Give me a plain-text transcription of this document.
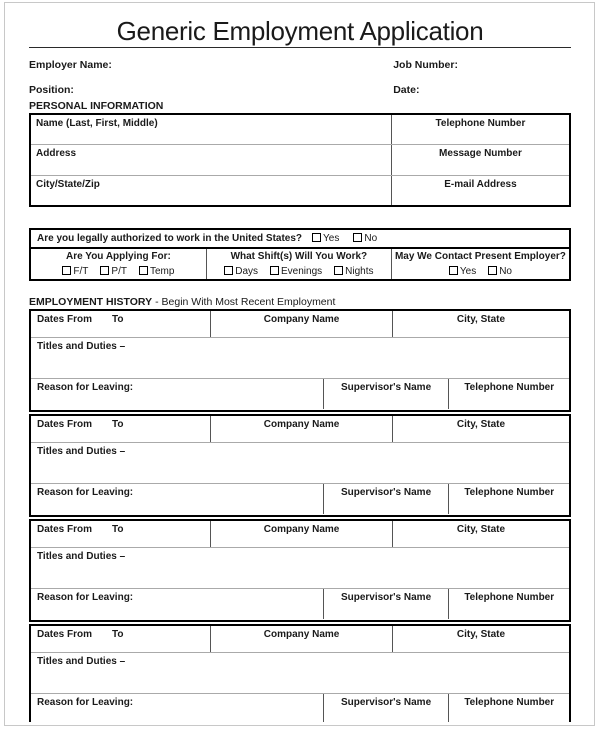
Generic Employment Application
Employer Name:	Job Number:
Position:	Date:
PERSONAL INFORMATION
Name (Last, First, Middle)	Telephone Number
Address	Message Number
City/State/Zip	E-mail Address
Are you legally authorized to work in the United States?	Yes	No
Are You Applying For:
F/T	P/T	Temp
What Shift(s) Will You Work?
Days	Evenings	Nights
May We Contact Present Employer?
Yes	No
EMPLOYMENT HISTORY - Begin With Most Recent Employment
Dates From To	Company Name	City, State
Titles and Duties –
Reason for Leaving:	Supervisor's Name	Telephone Number
Dates From To	Company Name	City, State
Titles and Duties –
Reason for Leaving:	Supervisor's Name	Telephone Number
Dates From To	Company Name	City, State
Titles and Duties –
Reason for Leaving:	Supervisor's Name	Telephone Number
Dates From To	Company Name	City, State
Titles and Duties –
Reason for Leaving:	Supervisor's Name	Telephone Number
